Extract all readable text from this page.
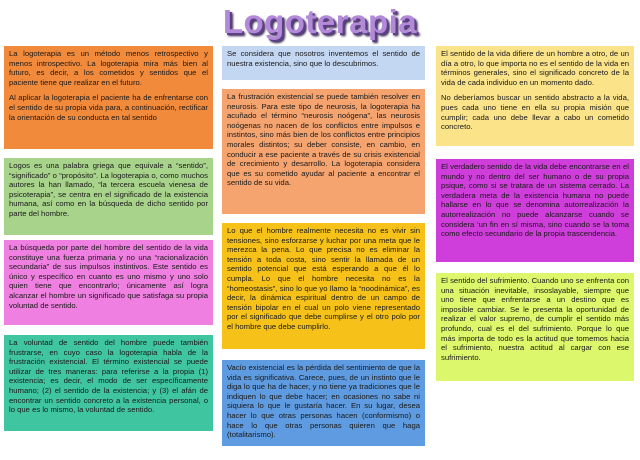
Logoterapia

La logoterapia es un método menos retrospectivo y menos introspectivo. La logoterapia mira más bien al futuro, es decir, a los cometidos y sentidos que el paciente tiene que realizar en el futuro.

Al aplicar la logoterapia el paciente ha de enfrentarse con el sentido de su propia vida para, a continuación, rectificar la orientación de su conducta en tal sentido

Logos es una palabra griega que equivale a “sentido”, “significado” o “propósito”. La logoterapia o, como muchos autores la han llamado, “la tercera escuela vienesa de psicoterapia”, se centra en el significado de la existencia humana, así como en la búsqueda de dicho sentido por parte del hombre.

La búsqueda por parte del hombre del sentido de la vida constituye una fuerza primaria y no una “racionalización secundaria” de sus impulsos instintivos. Este sentido es único y específico en cuanto es uno mismo y uno solo quien tiene que encontrarlo; únicamente así logra alcanzar el hombre un significado que satisfaga su propia voluntad de sentido.

La voluntad de sentido del hombre puede también frustrarse, en cuyo caso la logoterapia habla de la frustración existencial. El término existencial se puede utilizar de tres maneras: para referirse a la propia (1) existencia; es decir, el modo de ser específicamente humano; (2) el sentido de la existencia; y (3) el afán de encontrar un sentido concreto a la existencia personal, o lo que es lo mismo, la voluntad de sentido.

Se considera que nosotros inventemos el sentido de nuestra existencia, sino que lo descubrimos.

La frustración existencial se puede también resolver en neurosis. Para este tipo de neurosis, la logoterapia ha acuñado el término “neurosis noógena”, las neurosis noógenas no nacen de los conflictos entre impulsos e instintos, sino más bien de los conflictos entre principios morales distintos; su deber consiste, en cambio, en conducir a ese paciente a través de su crisis existencial de crecimiento y desarrollo. La logoterapia considera que es su cometido ayudar al paciente a encontrar el sentido de su vida.

Lo que el hombre realmente necesita no es vivir sin tensiones, sino esforzarse y luchar por una meta que le merezca la pena. Lo que precisa no es eliminar la tensión a toda costa, sino sentir la llamada de un sentido potencial que está esperando a que él lo cumpla. Lo que el hombre necesita no es la “homeostasis”, sino lo que yo llamo la “noodinámica”, es decir, la dinámica espiritual dentro de un campo de tensión bipolar en el cual un polo viene representado por el significado que debe cumplirse y el otro polo por el hombre que debe cumplirlo.

Vacío existencial es la pérdida del sentimiento de que la vida es significativa. Carece, pues, de un instinto que le diga lo que ha de hacer, y no tiene ya tradiciones que le indiquen lo que debe hacer; en ocasiones no sabe ni siquiera lo que le gustaría hacer. En su lugar, desea hacer lo que otras personas hacen (conformismo) o hace lo que otras personas quieren que haga (totalitarismo).

El sentido de la vida difiere de un hombre a otro, de un día a otro, lo que importa no es el sentido de la vida en términos generales, sino el significado concreto de la vida de cada individuo en un momento dado.

No deberíamos buscar un sentido abstracto a la vida, pues cada uno tiene en ella su propia misión que cumplir; cada uno debe llevar a cabo un cometido concreto.

El verdadero sentido de la vida debe encontrarse en el mundo y no dentro del ser humano o de su propia psique, como si se tratara de un sistema cerrado. La verdadera meta de la existencia humana no puede hallarse en lo que se denomina autorrealización la autorrealización no puede alcanzarse cuando se considera ‘un fin en sí misma, sino cuando se la toma como efecto secundario de la propia trascendencia.

El sentido del sufrimiento. Cuando uno se enfrenta con una situación inevitable, insoslayable, siempre que uno tiene que enfrentarse a un destino que es imposible cambiar. Se le presenta la oportunidad de realizar el valor supremo, de cumplir el sentido más profundo, cual es el del sufrimiento. Porque lo que más importa de todo es la actitud que tomemos hacia el sufrimiento, nuestra actitud al cargar con ese sufrimiento.
